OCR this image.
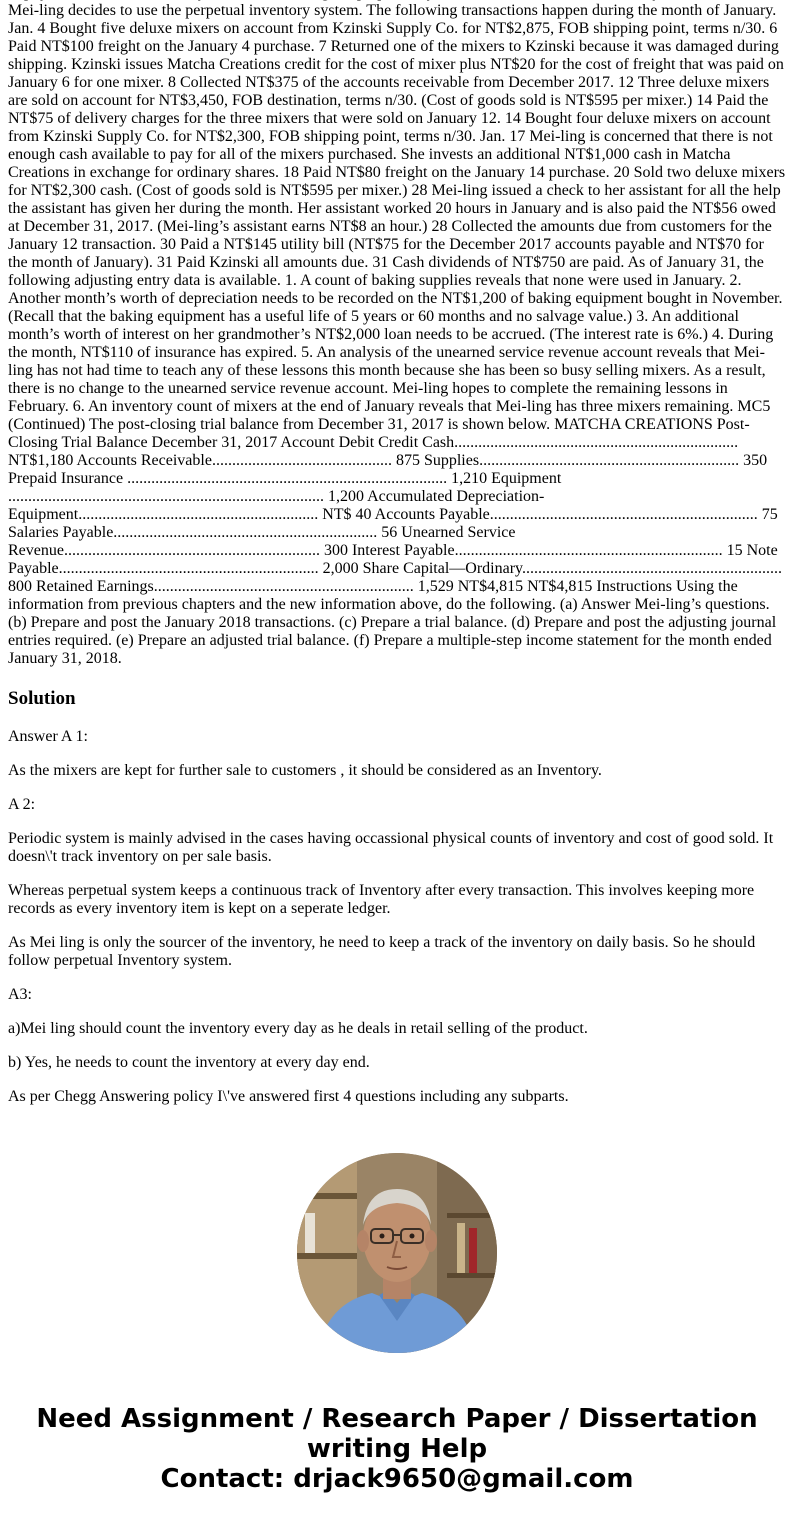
Mei-ling decides to use the perpetual inventory system. The following transactions happen during the month of January. Jan. 4 Bought five deluxe mixers on account from Kzinski Supply Co. for NT$2,875, FOB shipping point, terms n/30. 6 Paid NT$100 freight on the January 4 purchase. 7 Returned one of the mixers to Kzinski because it was damaged during shipping. Kzinski issues Matcha Creations credit for the cost of mixer plus NT$20 for the cost of freight that was paid on January 6 for one mixer. 8 Collected NT$375 of the accounts receivable from December 2017. 12 Three deluxe mixers are sold on account for NT$3,450, FOB destination, terms n/30. (Cost of goods sold is NT$595 per mixer.) 14 Paid the NT$75 of delivery charges for the three mixers that were sold on January 12. 14 Bought four deluxe mixers on account from Kzinski Supply Co. for NT$2,300, FOB shipping point, terms n/30. Jan. 17 Mei-ling is concerned that there is not enough cash available to pay for all of the mixers purchased. She invests an additional NT$1,000 cash in Matcha Creations in exchange for ordinary shares. 18 Paid NT$80 freight on the January 14 purchase. 20 Sold two deluxe mixers for NT$2,300 cash. (Cost of goods sold is NT$595 per mixer.) 28 Mei-ling issued a check to her assistant for all the help the assistant has given her during the month. Her assistant worked 20 hours in January and is also paid the NT$56 owed at December 31, 2017. (Mei-ling’s assistant earns NT$8 an hour.) 28 Collected the amounts due from customers for the January 12 transaction. 30 Paid a NT$145 utility bill (NT$75 for the December 2017 accounts payable and NT$70 for the month of January). 31 Paid Kzinski all amounts due. 31 Cash dividends of NT$750 are paid. As of January 31, the following adjusting entry data is available. 1. A count of baking supplies reveals that none were used in January. 2. Another month’s worth of depreciation needs to be recorded on the NT$1,200 of baking equipment bought in November. (Recall that the baking equipment has a useful life of 5 years or 60 months and no salvage value.) 3. An additional month’s worth of interest on her grandmother’s NT$2,000 loan needs to be accrued. (The interest rate is 6%.) 4. During the month, NT$110 of insurance has expired. 5. An analysis of the unearned service revenue account reveals that Mei-ling has not had time to teach any of these lessons this month because she has been so busy selling mixers. As a result, there is no change to the unearned service revenue account. Mei-ling hopes to complete the remaining lessons in February. 6. An inventory count of mixers at the end of January reveals that Mei-ling has three mixers remaining. MC5 (Continued) The post-closing trial balance from December 31, 2017 is shown below. MATCHA CREATIONS Post-Closing Trial Balance December 31, 2017 Account Debit Credit Cash....................................................................... NT$1,180 Accounts Receivable............................................. 875 Supplies................................................................. 350 Prepaid Insurance ................................................................................ 1,210 Equipment ............................................................................... 1,200 Accumulated Depreciation- Equipment............................................................ NT$ 40 Accounts Payable................................................................... 75 Salaries Payable.................................................................. 56 Unearned Service Revenue................................................................ 300 Interest Payable................................................................... 15 Note Payable................................................................. 2,000 Share Capital—Ordinary................................................................. 800 Retained Earnings................................................................. 1,529 NT$4,815 NT$4,815 Instructions Using the information from previous chapters and the new information above, do the following. (a) Answer Mei-ling’s questions. (b) Prepare and post the January 2018 transactions. (c) Prepare a trial balance. (d) Prepare and post the adjusting journal entries required. (e) Prepare an adjusted trial balance. (f) Prepare a multiple-step income statement for the month ended January 31, 2018.

Solution

Answer A 1:

As the mixers are kept for further sale to customers , it should be considered as an Inventory.

A 2:

Periodic system is mainly advised in the cases having occassional physical counts of inventory and cost of good sold. It doesn\'t track inventory on per sale basis.

Whereas perpetual system keeps a continuous track of Inventory after every transaction. This involves keeping more records as every inventory item is kept on a seperate ledger.

As Mei ling is only the sourcer of the inventory, he need to keep a track of the inventory on daily basis. So he should follow perpetual Inventory system.

A3:

a)Mei ling should count the inventory every day as he deals in retail selling of the product.

b) Yes, he needs to count the inventory at every day end.

As per Chegg Answering policy I\'ve answered first 4 questions including any subparts.

Need Assignment / Research Paper / Dissertation
writing Help
Contact: drjack9650@gmail.com
